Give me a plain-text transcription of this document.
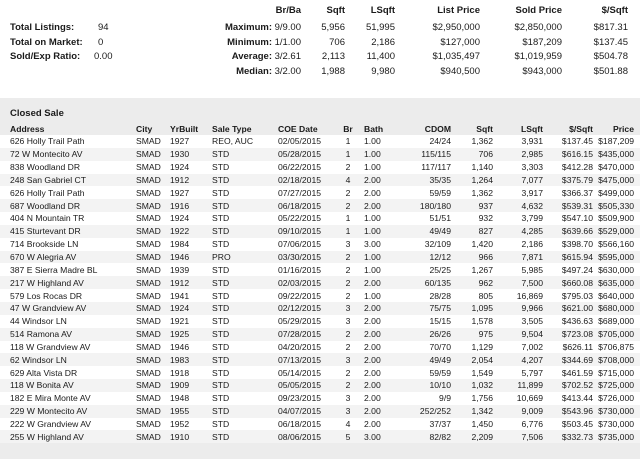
Br/Ba	Sqft	LSqft	List Price	Sold Price	$/Sqft
Total Listings:	94
Total on Market: 0
Sold/Exp Ratio: 0.00
Maximum: 9/9.00	5,956	51,995	$2,950,000	$2,850,000	$817.31
Minimum: 1/1.00	706	2,186	$127,000	$187,209	$137.45
Average: 3/2.61	2,113	11,400	$1,035,497	$1,019,959	$504.78
Median: 3/2.00	1,988	9,980	$940,500	$943,000	$501.88
Closed Sale
Address	City	YrBuilt	Sale Type	COE Date	Br	Bath	CDOM	Sqft	LSqft	$/Sqft	Price
626 Holly Trail Path	SMAD	1927	REO, AUC	02/05/2015	1	1.00	24/24	1,362	3,931	$137.45	$187,209
72 W Montecito AV	SMAD	1930	STD	05/28/2015	1	1.00	115/115	706	2,985	$616.15	$435,000
838 Woodland DR	SMAD	1924	STD	06/22/2015	2	1.00	117/117	1,140	3,303	$412.28	$470,000
248 San Gabriel CT	SMAD	1912	STD	02/18/2015	4	2.00	35/35	1,264	7,077	$375.79	$475,000
626 Holly Trail Path	SMAD	1927	STD	07/27/2015	2	2.00	59/59	1,362	3,917	$366.37	$499,000
687 Woodland DR	SMAD	1916	STD	06/18/2015	2	2.00	180/180	937	4,632	$539.31	$505,330
404 N Mountain TR	SMAD	1924	STD	05/22/2015	1	1.00	51/51	932	3,799	$547.10	$509,900
415 Sturtevant DR	SMAD	1922	STD	09/10/2015	1	1.00	49/49	827	4,285	$639.66	$529,000
714 Brookside LN	SMAD	1984	STD	07/06/2015	3	3.00	32/109	1,420	2,186	$398.70	$566,160
670 W Alegria AV	SMAD	1946	PRO	03/30/2015	2	1.00	12/12	966	7,871	$615.94	$595,000
387 E Sierra Madre BL	SMAD	1939	STD	01/16/2015	2	1.00	25/25	1,267	5,985	$497.24	$630,000
217 W Highland AV	SMAD	1912	STD	02/03/2015	2	2.00	60/135	962	7,500	$660.08	$635,000
579 Los Rocas DR	SMAD	1941	STD	09/22/2015	2	1.00	28/28	805	16,869	$795.03	$640,000
47 W Grandview AV	SMAD	1924	STD	02/12/2015	3	2.00	75/75	1,095	9,966	$621.00	$680,000
44 Windsor LN	SMAD	1921	STD	05/29/2015	3	2.00	15/15	1,578	3,505	$436.63	$689,000
514 Ramona AV	SMAD	1925	STD	07/28/2015	2	2.00	26/26	975	9,504	$723.08	$705,000
118 W Grandview AV	SMAD	1946	STD	04/20/2015	2	2.00	70/70	1,129	7,002	$626.11	$706,875
62 Windsor LN	SMAD	1983	STD	07/13/2015	3	2.00	49/49	2,054	4,207	$344.69	$708,000
629 Alta Vista DR	SMAD	1918	STD	05/14/2015	2	2.00	59/59	1,549	5,797	$461.59	$715,000
118 W Bonita AV	SMAD	1909	STD	05/05/2015	2	2.00	10/10	1,032	11,899	$702.52	$725,000
182 E Mira Monte AV	SMAD	1948	STD	09/23/2015	3	2.00	9/9	1,756	10,669	$413.44	$726,000
229 W Montecito AV	SMAD	1955	STD	04/07/2015	3	2.00	252/252	1,342	9,009	$543.96	$730,000
222 W Grandview AV	SMAD	1952	STD	06/18/2015	4	2.00	37/37	1,450	6,776	$503.45	$730,000
255 W Highland AV	SMAD	1910	STD	08/06/2015	5	3.00	82/82	2,209	7,506	$332.73	$735,000
